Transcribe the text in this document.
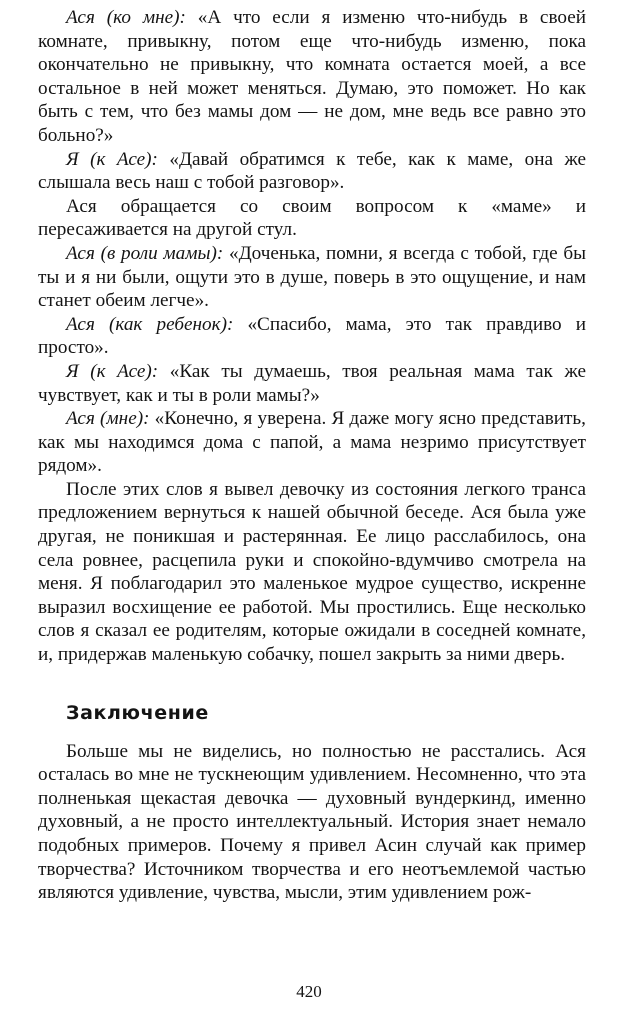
Ася (ко мне): «А что если я изменю что-нибудь в своей комнате, привыкну, потом еще что-нибудь изменю, пока окончательно не привыкну, что комната остается моей, а все остальное в ней может меняться. Думаю, это поможет. Но как быть с тем, что без мамы дом — не дом, мне ведь все равно это больно?»

Я (к Асе): «Давай обратимся к тебе, как к маме, она же слышала весь наш с тобой разговор».

Ася обращается со своим вопросом к «маме» и пересаживается на другой стул.

Ася (в роли мамы): «Доченька, помни, я всегда с тобой, где бы ты и я ни были, ощути это в душе, поверь в это ощущение, и нам станет обеим легче».

Ася (как ребенок): «Спасибо, мама, это так правдиво и просто».

Я (к Асе): «Как ты думаешь, твоя реальная мама так же чувствует, как и ты в роли мамы?»

Ася (мне): «Конечно, я уверена. Я даже могу ясно представить, как мы находимся дома с папой, а мама незримо присутствует рядом».

После этих слов я вывел девочку из состояния легкого транса предложением вернуться к нашей обычной беседе. Ася была уже другая, не поникшая и растерянная. Ее лицо расслабилось, она села ровнее, расцепила руки и спокойно-вдумчиво смотрела на меня. Я поблагодарил это маленькое мудрое существо, искренне выразил восхищение ее работой. Мы простились. Еще несколько слов я сказал ее родителям, которые ожидали в соседней комнате, и, придержав маленькую собачку, пошел закрыть за ними дверь.

Заключение

Больше мы не виделись, но полностью не расстались. Ася осталась во мне не тускнеющим удивлением. Несомненно, что эта полненькая щекастая девочка — духовный вундеркинд, именно духовный, а не просто интеллектуальный. История знает немало подобных примеров. Почему я привел Асин случай как пример творчества? Источником творчества и его неотъемлемой частью являются удивление, чувства, мысли, этим удивлением рож-

420
